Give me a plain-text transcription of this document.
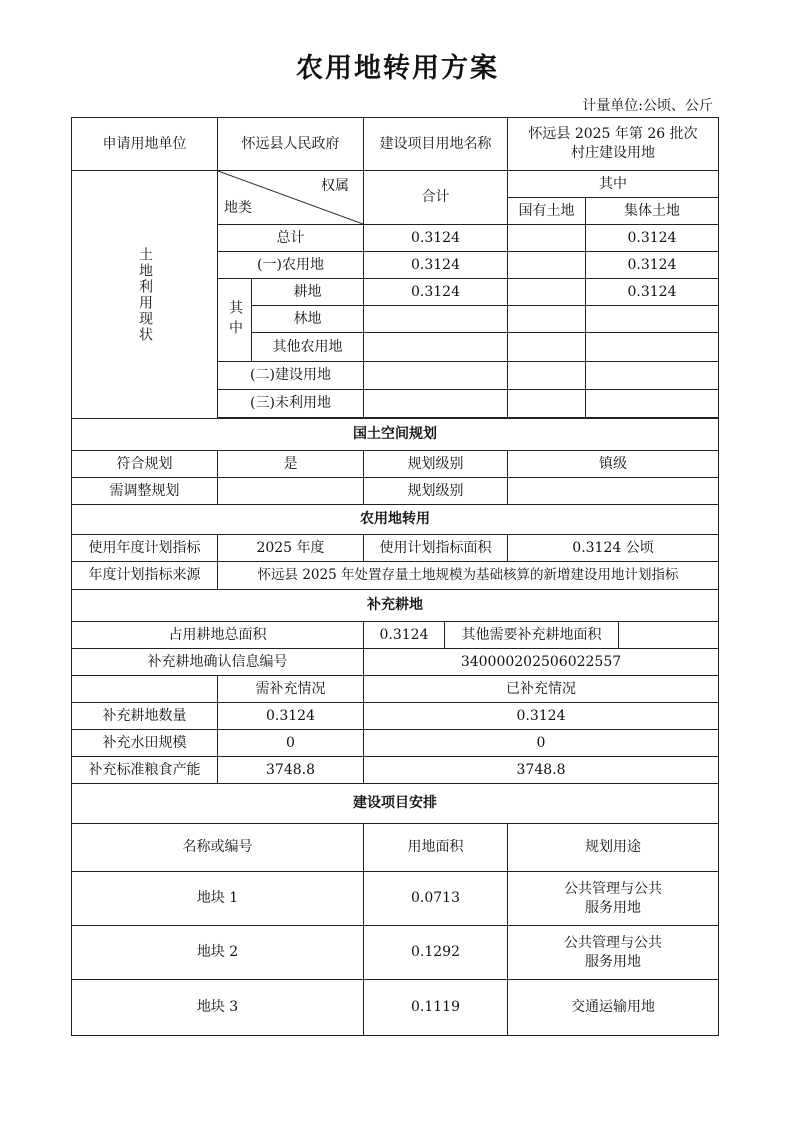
农用地转用方案
计量单位:公顷、公斤
申请用地单位	怀远县人民政府		建设项目用地名称		怀远县 2025 年第 26 批次
村庄建设用地		

土地利用现状	权属
地类		合计		其中		
					国有土地	集体土地	
	总计		0.3124			0.3124	
	(一)农用地		0.3124			0.3124	
	其中	耕地	0.3124			0.3124	
		林地					
		其他农用地					
	(二)建设用地						
	(三)未利用地						

国土空间规划							
符合规划	是		规划级别		镇级		
需调整规划			规划级别				
农用地转用							
使用年度计划指标	2025 年度		使用计划指标面积		0.3124 公顷		
年度计划指标来源	怀远县 2025 年处置存量土地规模为基础核算的新增建设用地计划指标						
补充耕地							
占用耕地总面积			0.3124	其他需要补充耕地面积			
补充耕地确认信息编号			340000202506022557				
	需补充情况		已补充情况				
补充耕地数量	0.3124		0.3124				
补充水田规模	0		0				
补充标准粮食产能	3748.8		3748.8				
建设项目安排							
名称或编号			用地面积		规划用途		
地块 1			0.0713		公共管理与公共
服务用地		

地块 2			0.1292		公共管理与公共
服务用地		

地块 3			0.1119		交通运输用地		
